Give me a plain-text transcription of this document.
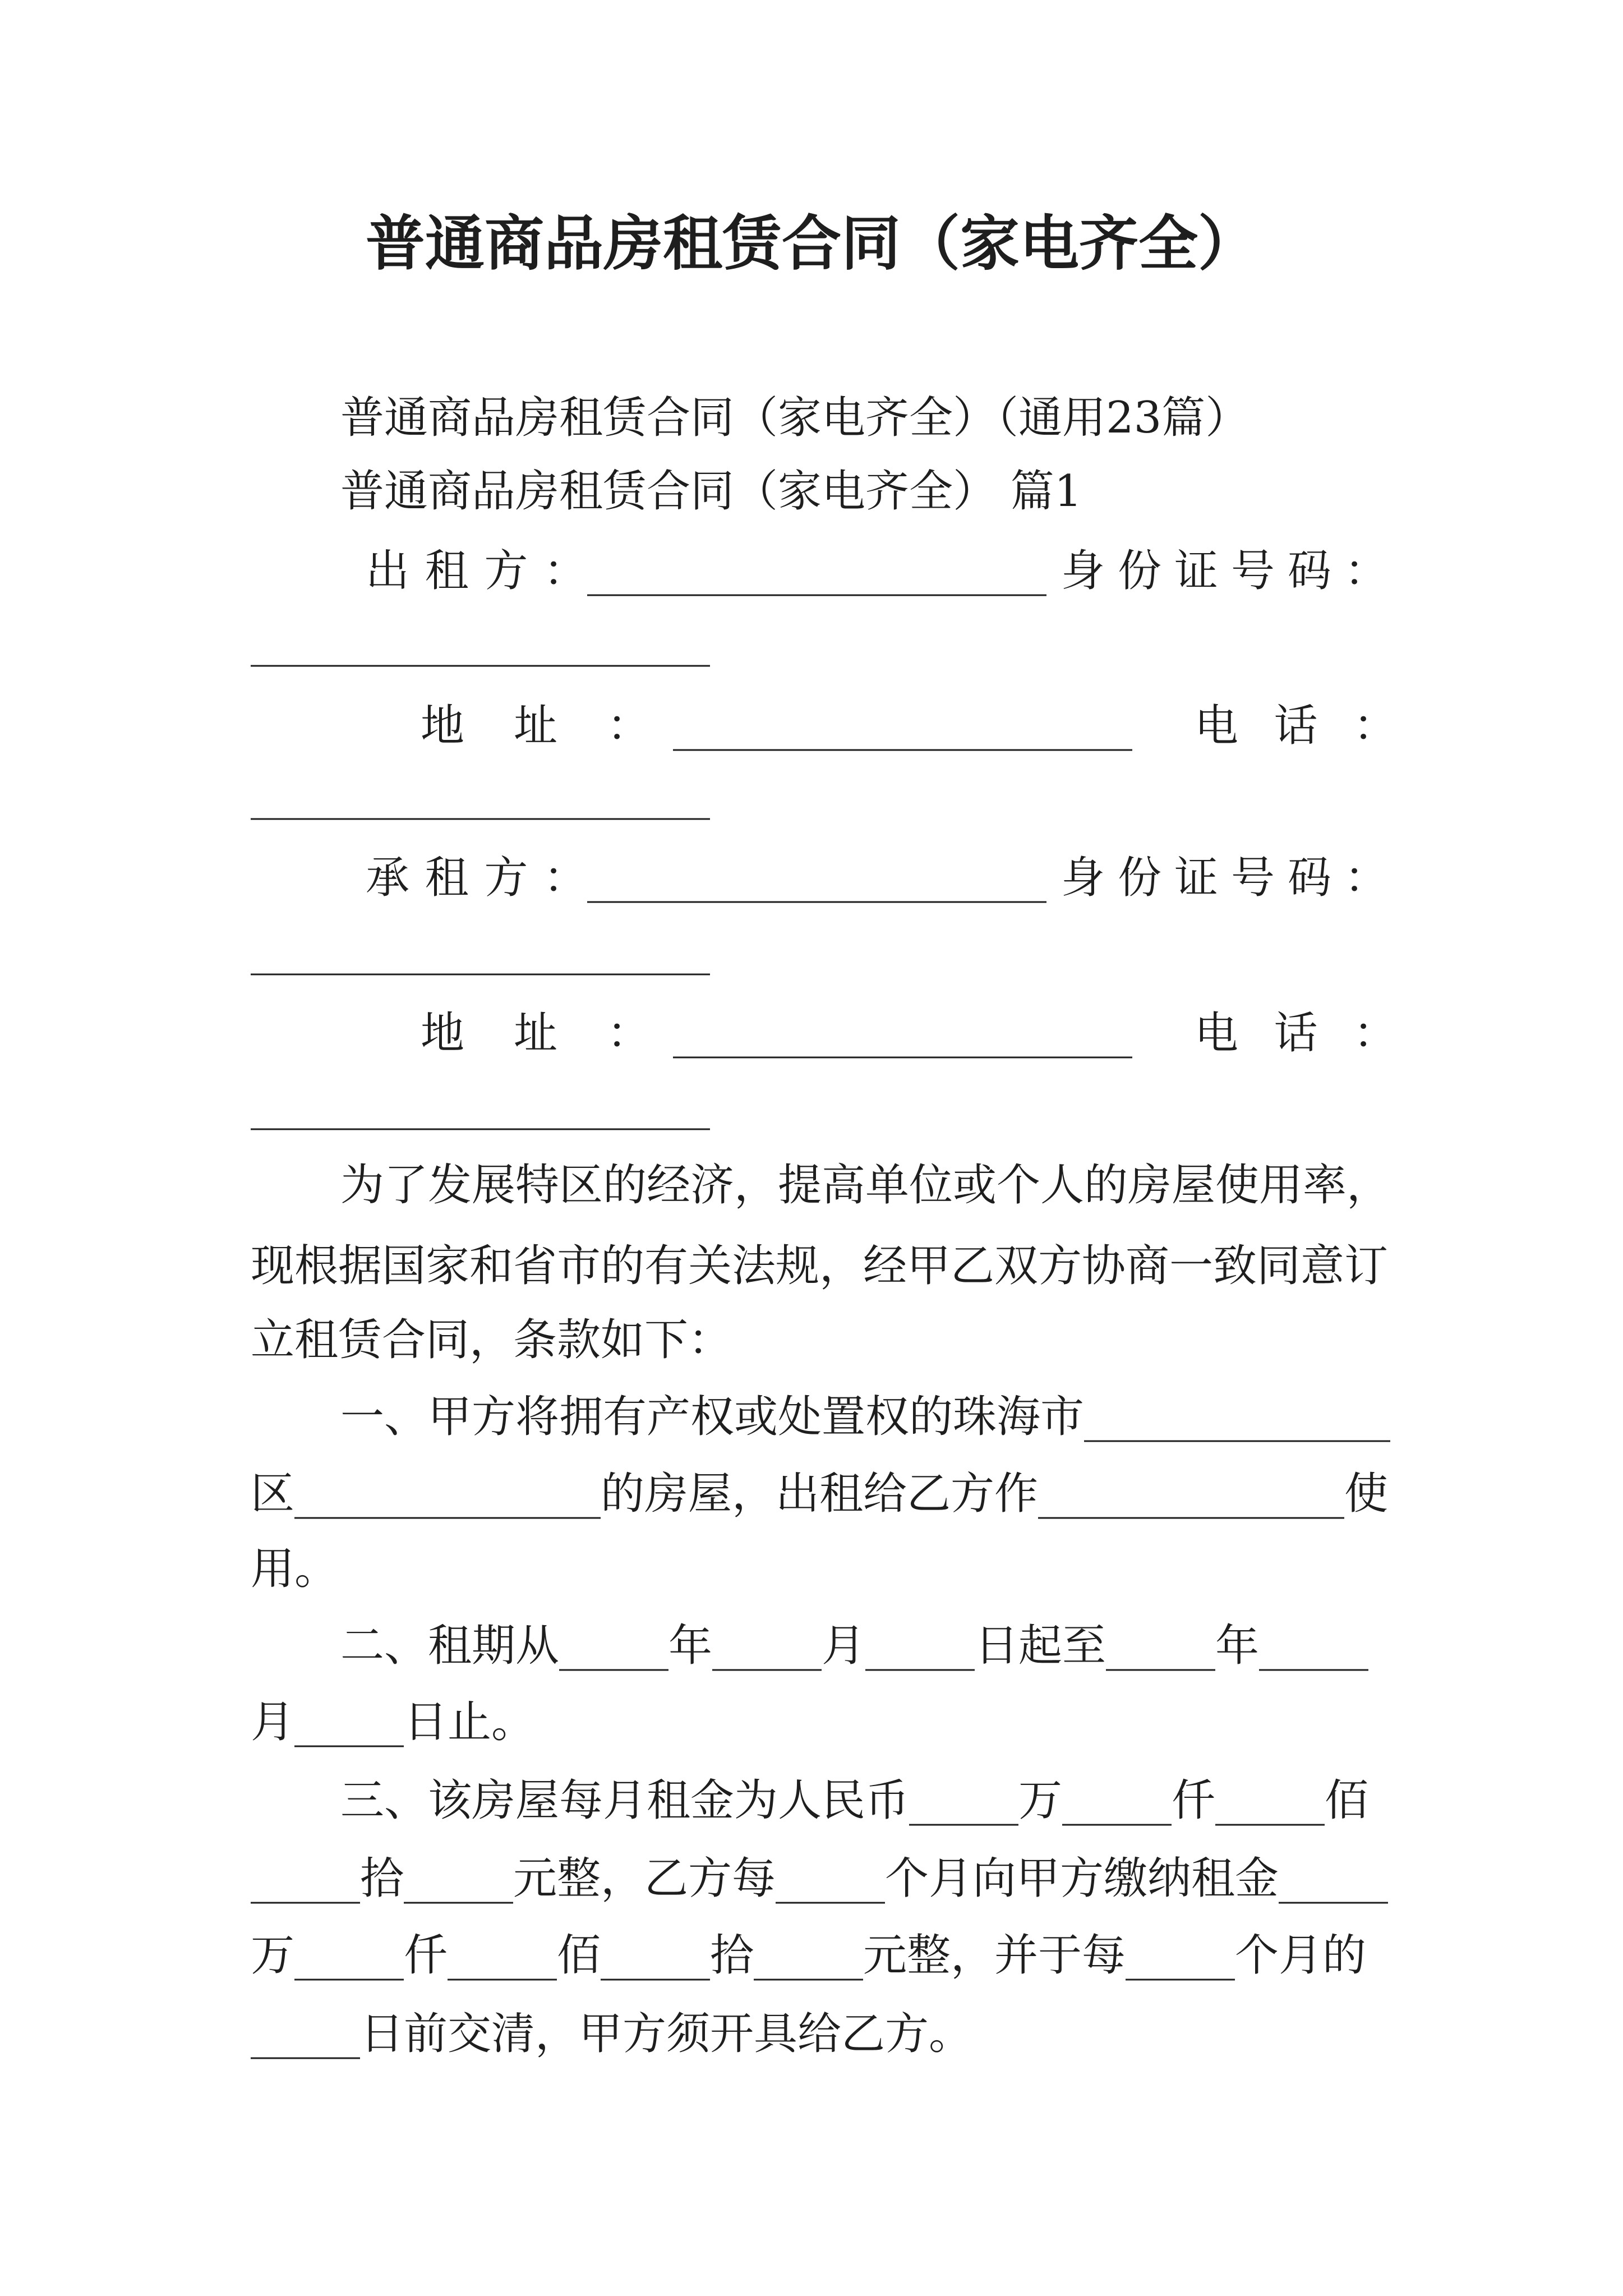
普通商品房租赁合同（家电齐全）
普通商品房租赁合同（家电齐全）（通用23篇）
普通商品房租赁合同（家电齐全） 篇1
出租方： _____________________ 身份证号码：
_____________________
地址： _____________________ 电话：
_____________________
承租方： _____________________ 身份证号码：
_____________________
地址： _____________________ 电话：
_____________________
为了发展特区的经济，提高单位或个人的房屋使用率，
现根据国家和省市的有关法规，经甲乙双方协商一致同意订
立租赁合同，条款如下：
一、甲方将拥有产权或处置权的珠海市______________
区______________的房屋，出租给乙方作______________使
用。
二、租期从_____年_____月_____日起至_____年_____
月_____日止。
三、该房屋每月租金为人民币_____万_____仟_____佰
_____拾_____元整，乙方每_____个月向甲方缴纳租金_____
万_____仟_____佰_____拾_____元整，并于每_____个月的
_____日前交清，甲方须开具给乙方。
